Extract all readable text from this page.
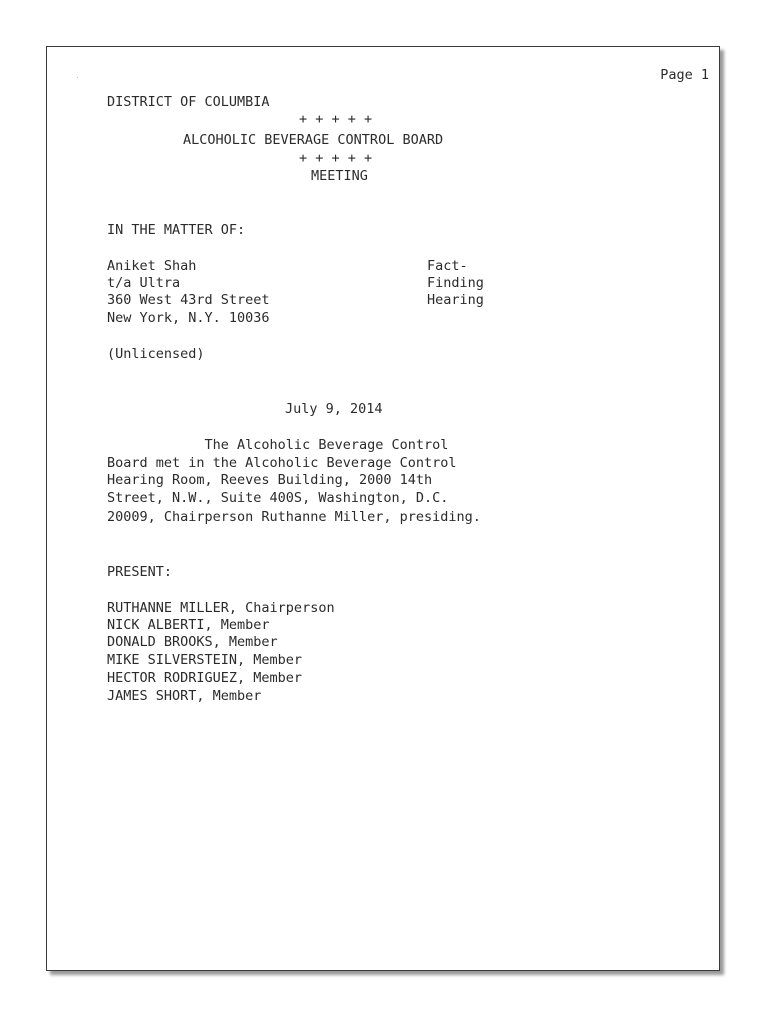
Page 1
DISTRICT OF COLUMBIA
+ + + + +
ALCOHOLIC BEVERAGE CONTROL BOARD
+ + + + +
MEETING
IN THE MATTER OF:
Aniket Shah
t/a Ultra
360 West 43rd Street
New York, N.Y. 10036
Fact-
Finding
Hearing
(Unlicensed)
July 9, 2014
The Alcoholic Beverage Control
Board met in the Alcoholic Beverage Control
Hearing Room, Reeves Building, 2000 14th
Street, N.W., Suite 400S, Washington, D.C.
20009, Chairperson Ruthanne Miller, presiding.
PRESENT:
RUTHANNE MILLER, Chairperson
NICK ALBERTI, Member
DONALD BROOKS, Member
MIKE SILVERSTEIN, Member
HECTOR RODRIGUEZ, Member
JAMES SHORT, Member
